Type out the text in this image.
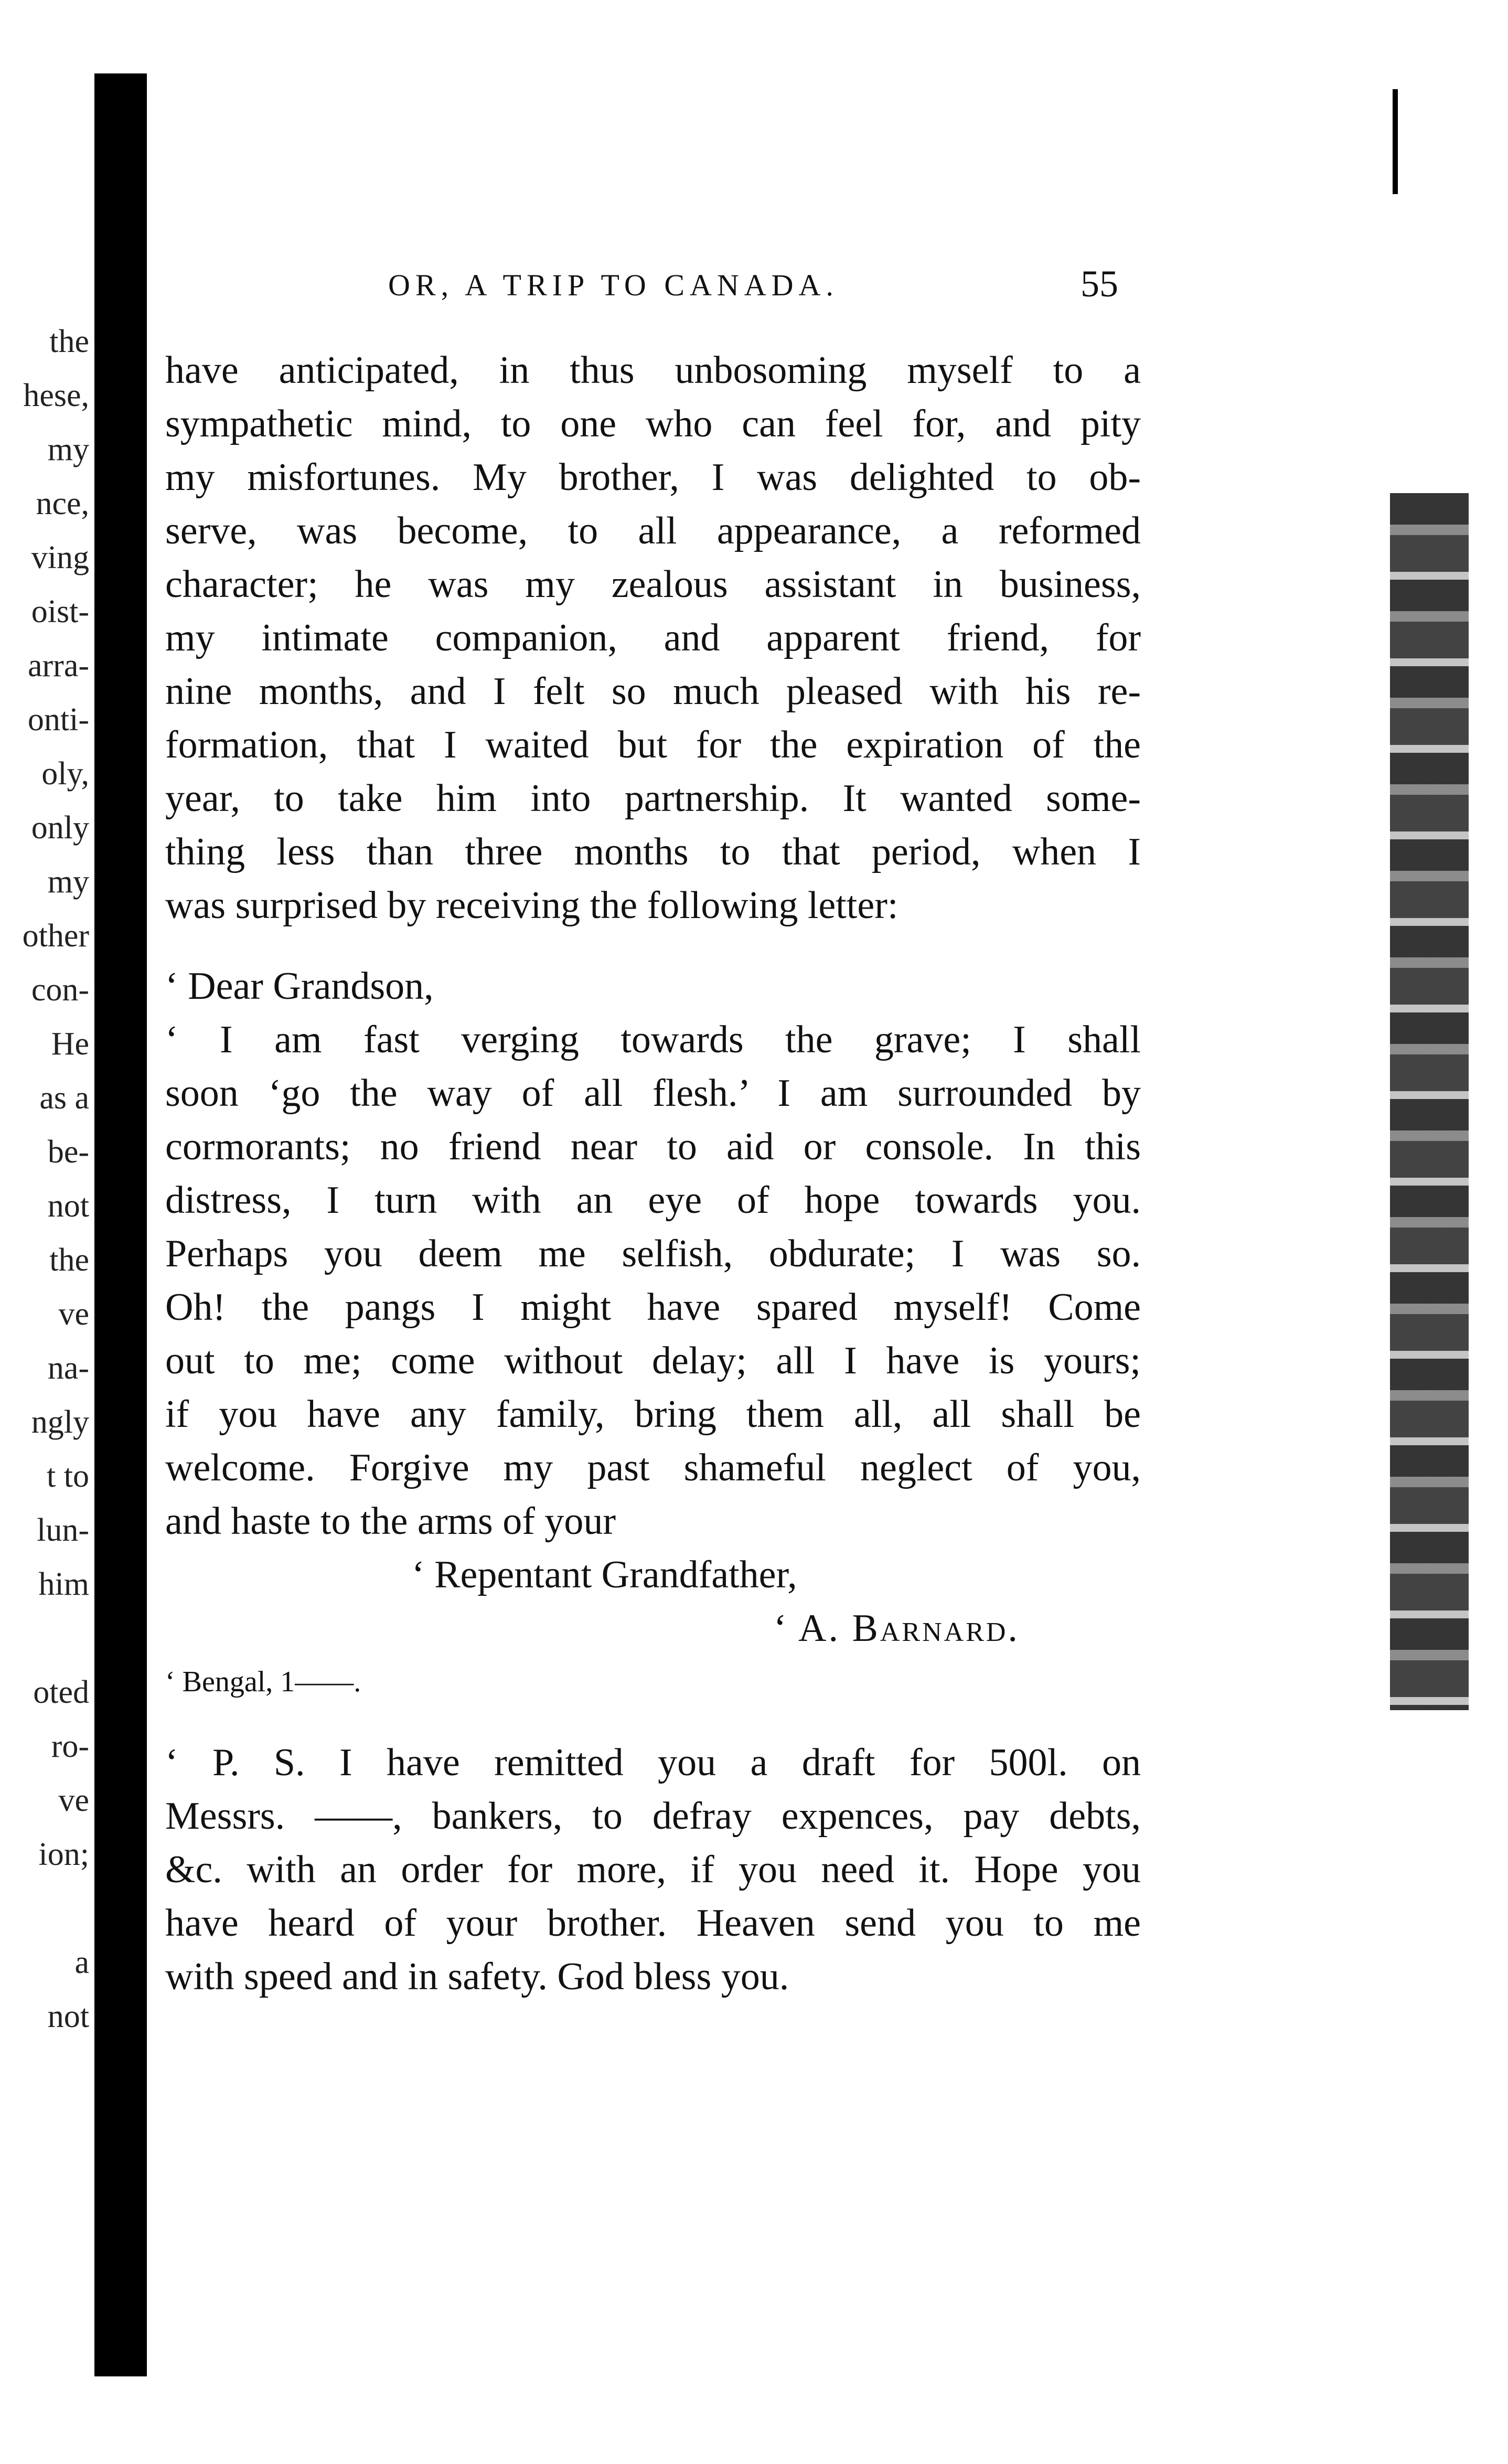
the
hese,
my
nce,
ving
oist-
arra-
onti-
oly,
only
my
other
con-
He
as a
be-
not
the
ve
na-
ngly
t to
lun-
him

oted
ro-
ve
ion;

a
not
OR, A TRIP TO CANADA.	55
have anticipated, in thus unbosoming myself to a
sympathetic mind, to one who can feel for, and pity
my misfortunes. My brother, I was delighted to ob-
serve, was become, to all appearance, a reformed
character; he was my zealous assistant in business,
my intimate companion, and apparent friend, for
nine months, and I felt so much pleased with his re-
formation, that I waited but for the expiration of the
year, to take him into partnership. It wanted some-
thing less than three months to that period, when I
was surprised by receiving the following letter:
‘ Dear Grandson,
‘ I am fast verging towards the grave; I shall
soon ‘go the way of all flesh.’ I am surrounded by
cormorants; no friend near to aid or console. In this
distress, I turn with an eye of hope towards you.
Perhaps you deem me selfish, obdurate; I was so.
Oh! the pangs I might have spared myself! Come
out to me; come without delay; all I have is yours;
if you have any family, bring them all, all shall be
welcome. Forgive my past shameful neglect of you,
and haste to the arms of your
‘ Repentant Grandfather,
‘ A. Barnard.
‘ Bengal, 1——.
‘ P. S. I have remitted you a draft for 500l. on
Messrs. ——, bankers, to defray expences, pay debts,
&c. with an order for more, if you need it. Hope you
have heard of your brother. Heaven send you to me
with speed and in safety. God bless you.
